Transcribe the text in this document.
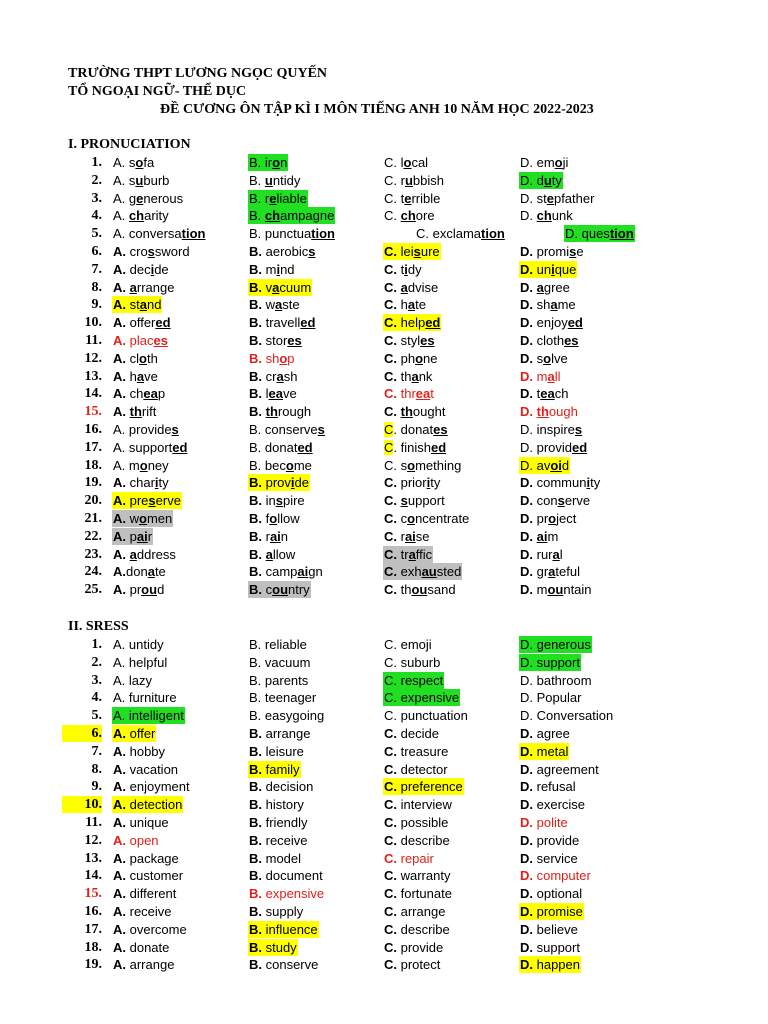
TRƯỜNG THPT LƯƠNG NGỌC QUYẾN
TỔ NGOẠI NGỮ- THỂ DỤC
ĐỀ CƯƠNG ÔN TẬP KÌ I MÔN TIẾNG ANH 10 NĂM HỌC 2022-2023
I. PRONUCIATION
1. A. sofa	B. iron	C. local	D. emoji
2. A. suburb	B. untidy	C. rubbish	D. duty
3. A. generous	B. reliable	C. terrible	D. stepfather
4. A. charity	B. champagne	C. chore	D. chunk
5. A. conversation	B. punctuation	C. exclamation	D. question
6. A. crossword	B. aerobics	C. leisure	D. promise
7. A. decide	B. mind	C. tidy	D. unique
8. A. arrange	B. vacuum	C. advise	D. agree
9. A. stand	B. waste	C. hate	D. shame
10. A. offered	B. travelled	C. helped	D. enjoyed
11. A. places	B. stores	C. styles	D. clothes
12. A. cloth	B. shop	C. phone	D. solve
13. A. have	B. crash	C. thank	D. mall
14. A. cheap	B. leave	C. threat	D. teach
15. A. thrift	B. through	C. thought	D. though
16. A. provides	B. conserves	C. donates	D. inspires
17. A. supported	B. donated	C. finished	D. provided
18. A. money	B. become	C. something	D. avoid
19. A. charity	B. provide	C. priority	D. community
20. A. preserve	B. inspire	C. support	D. conserve
21. A. women	B. follow	C. concentrate	D. project
22. A. pair	B. rain	C. raise	D. aim
23. A. address	B. allow	C. traffic	D. rural
24. A.donate	B. campaign	C. exhausted	D. grateful
25. A. proud	B. country	C. thousand	D. mountain
II. SRESS
1. A. untidy	B. reliable	C. emoji	D. generous
2. A. helpful	B. vacuum	C. suburb	D. support
3. A. lazy	B. parents	C. respect	D. bathroom
4. A. furniture	B. teenager	C. expensive	D. Popular
5. A. intelligent	B. easygoing	C. punctuation	D. Conversation
6. A. offer	B. arrange	C. decide	D. agree
7. A. hobby	B. leisure	C. treasure	D. metal
8. A. vacation	B. family	C. detector	D. agreement
9. A. enjoyment	B. decision	C. preference	D. refusal
10. A. detection	B. history	C. interview	D. exercise
11. A. unique	B. friendly	C. possible	D. polite
12. A. open	B. receive	C. describe	D. provide
13. A. package	B. model	C. repair	D. service
14. A. customer	B. document	C. warranty	D. computer
15. A. different	B. expensive	C. fortunate	D. optional
16. A. receive	B. supply	C. arrange	D. promise
17. A. overcome	B. influence	C. describe	D. believe
18. A. donate	B. study	C. provide	D. support
19. A. arrange	B. conserve	C. protect	D. happen
